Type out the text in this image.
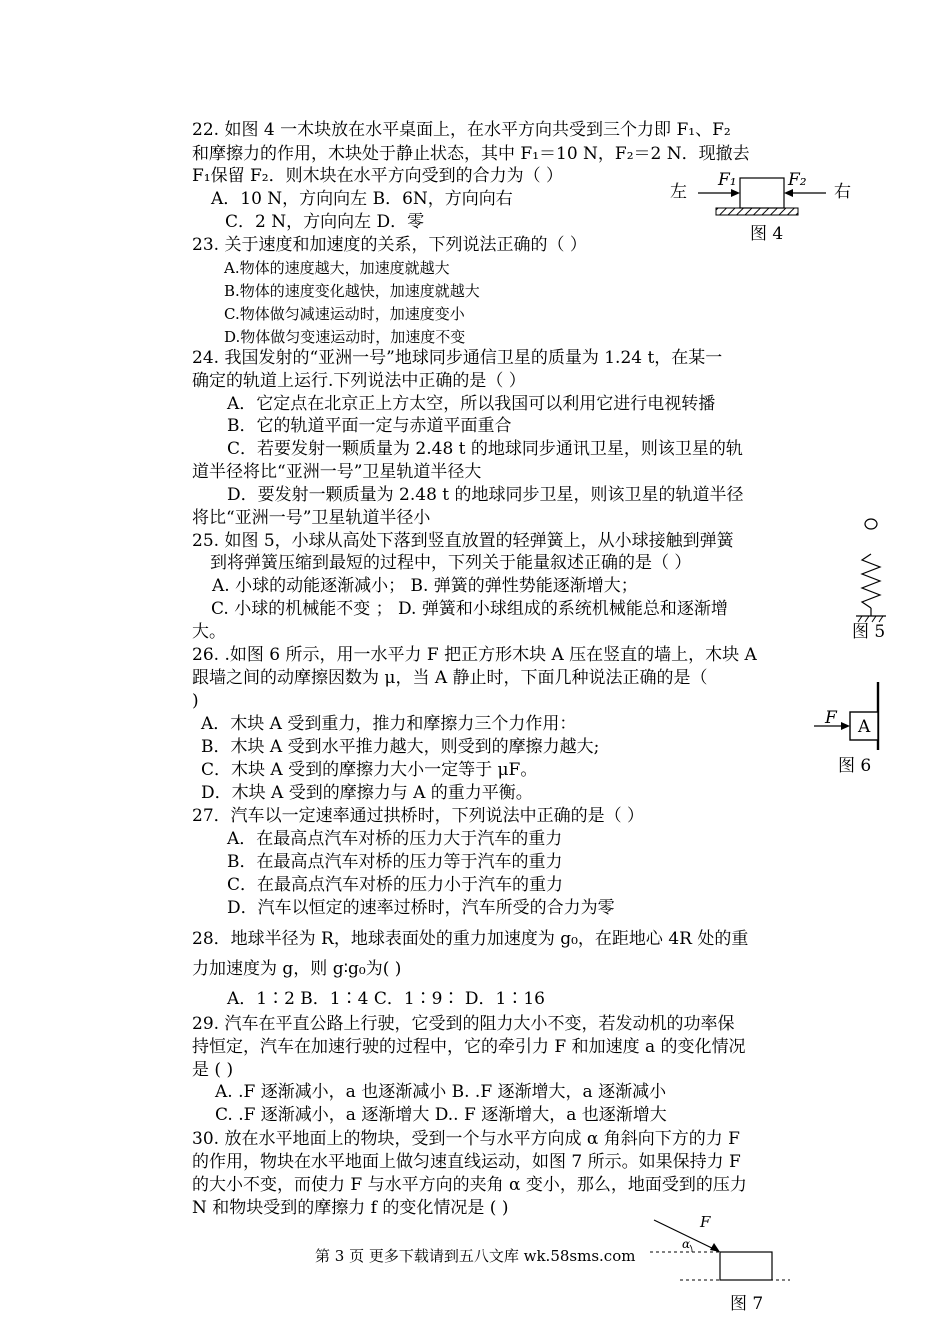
22. 如图 4 一木块放在水平桌面上，在水平方向共受到三个力即 F₁、F₂
和摩擦力的作用，木块处于静止状态，其中 F₁＝10 N，F₂＝2 N．现撤去
F₁保留 F₂．则木块在水平方向受到的合力为（ ）
A．10 N，方向向左 B．6N，方向向右
C．2 N，方向向左 D．零
左	右
F₁	F₂
图 4
23. 关于速度和加速度的关系，下列说法正确的（ ）
A.物体的速度越大，加速度就越大
B.物体的速度变化越快，加速度就越大
C.物体做匀减速运动时，加速度变小
D.物体做匀变速运动时，加速度不变
24. 我国发射的“亚洲一号”地球同步通信卫星的质量为 1.24 t，在某一
确定的轨道上运行.下列说法中正确的是（ ）
A．它定点在北京正上方太空，所以我国可以利用它进行电视转播
B．它的轨道平面一定与赤道平面重合
C．若要发射一颗质量为 2.48 t 的地球同步通讯卫星，则该卫星的轨
道半径将比“亚洲一号”卫星轨道半径大
D．要发射一颗质量为 2.48 t 的地球同步卫星，则该卫星的轨道半径
将比“亚洲一号”卫星轨道半径小
25. 如图 5，小球从高处下落到竖直放置的轻弹簧上，从小球接触到弹簧
到将弹簧压缩到最短的过程中，下列关于能量叙述正确的是（ ）
A. 小球的动能逐渐减小； B. 弹簧的弹性势能逐渐增大；
C. 小球的机械能不变 ； D. 弹簧和小球组成的系统机械能总和逐渐增
大。	图 5
26. .如图 6 所示，用一水平力 F 把正方形木块 A 压在竖直的墙上，木块 A
跟墙之间的动摩擦因数为 μ，当 A 静止时，下面几种说法正确的是（
)
A．木块 A 受到重力，推力和摩擦力三个力作用：
B．木块 A 受到水平推力越大，则受到的摩擦力越大;
C．木块 A 受到的摩擦力大小一定等于 μF。
D．木块 A 受到的摩擦力与 A 的重力平衡。
F A
图 6
27．汽车以一定速率通过拱桥时，下列说法中正确的是（ ）
A．在最高点汽车对桥的压力大于汽车的重力
B．在最高点汽车对桥的压力等于汽车的重力
C．在最高点汽车对桥的压力小于汽车的重力
D．汽车以恒定的速率过桥时，汽车所受的合力为零
28．地球半径为 R，地球表面处的重力加速度为 g₀，在距地心 4R 处的重
力加速度为 g，则 g∶g₀为( )
A．1∶2 B．1∶4 C．1∶9∶ D．1∶16
29. 汽车在平直公路上行驶，它受到的阻力大小不变，若发动机的功率保
持恒定，汽车在加速行驶的过程中，它的牵引力 F 和加速度 a 的变化情况
是 ( )
A. .F 逐渐减小，a 也逐渐减小 B. .F 逐渐增大，a 逐渐减小
C. .F 逐渐减小，a 逐渐增大 D.. F 逐渐增大，a 也逐渐增大
30. 放在水平地面上的物块，受到一个与水平方向成 α 角斜向下方的力 F
的作用，物块在水平地面上做匀速直线运动，如图 7 所示。如果保持力 F
的大小不变，而使力 F 与水平方向的夹角 α 变小，那么，地面受到的压力
N 和物块受到的摩擦力 f 的变化情况是 ( )
F
α
图 7
第 3 页 更多下载请到五八文库 wk.58sms.com
